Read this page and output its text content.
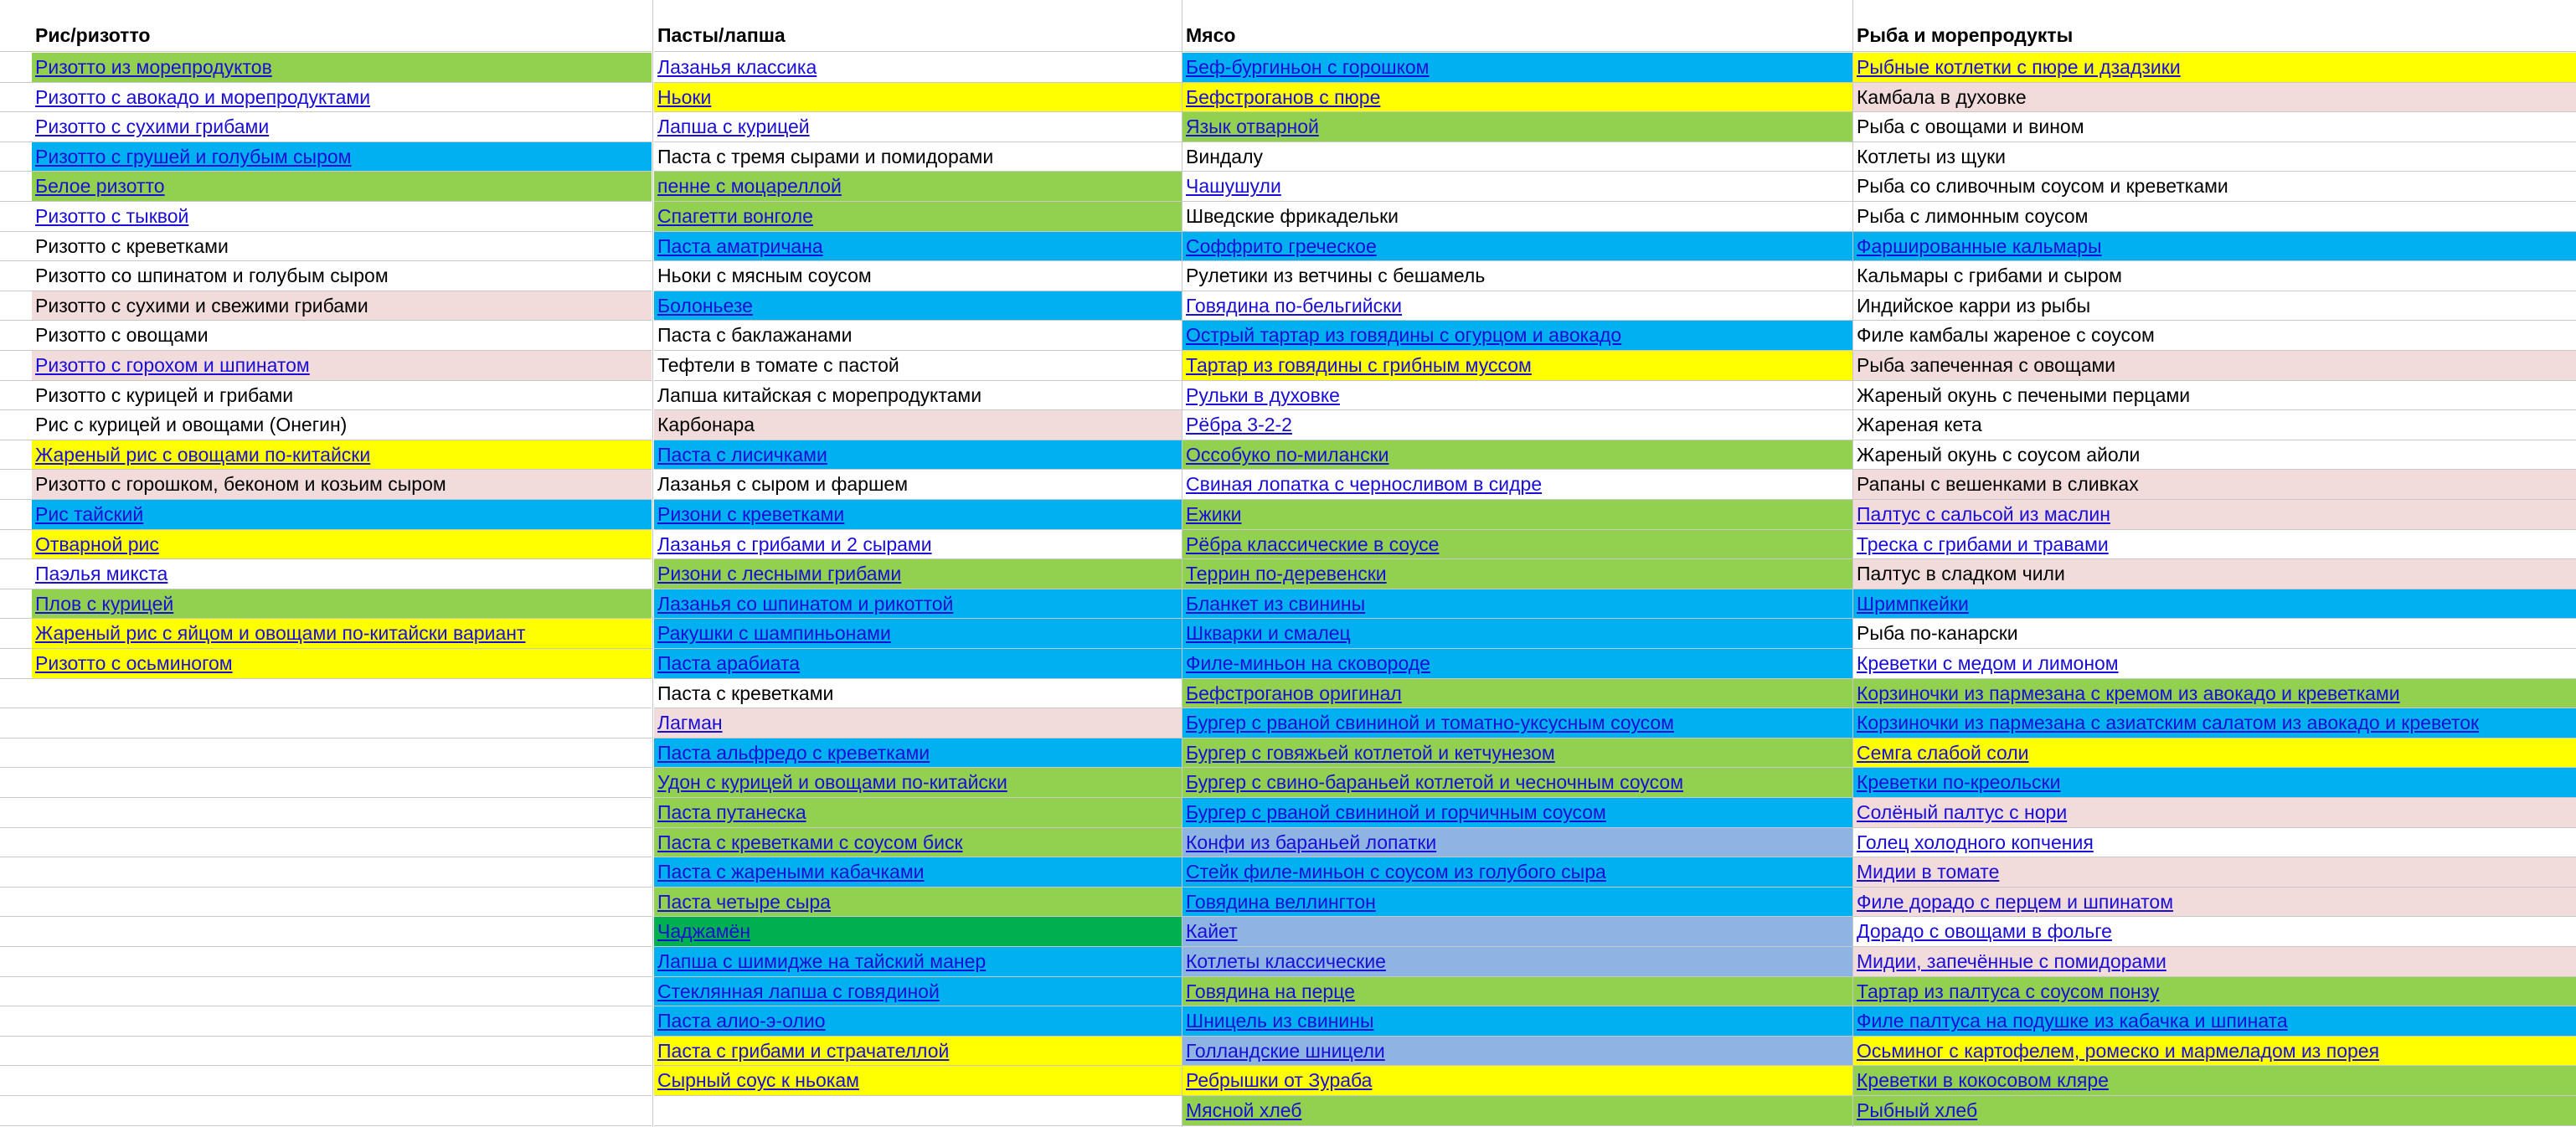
Рис/ризотто
Ризотто из морепродуктов
Ризотто с авокадо и морепродуктами
Ризотто с сухими грибами
Ризотто с грушей и голубым сыром
Белое ризотто
Ризотто с тыквой
Ризотто с креветками
Ризотто со шпинатом и голубым сыром
Ризотто с сухими и свежими грибами
Ризотто с овощами
Ризотто с горохом и шпинатом
Ризотто с курицей и грибами
Рис с курицей и овощами (Онегин)
Жареный рис с овощами по-китайски
Ризотто с горошком, беконом и козьим сыром
Рис тайский
Отварной рис
Паэлья микста
Плов с курицей
Жареный рис с яйцом и овощами по-китайски вариант
Ризотто с осьминогом
Пасты/лапша
Лазанья классика
Ньоки
Лапша с курицей
Паста с тремя сырами и помидорами
пенне с моцареллой
Спагетти вонголе
Паста аматричана
Ньоки с мясным соусом
Болоньезе
Паста с баклажанами
Тефтели в томате с пастой
Лапша китайская с морепродуктами
Карбонара
Паста с лисичками
Лазанья с сыром и фаршем
Ризони с креветками
Лазанья с грибами и 2 сырами
Ризони с лесными грибами
Лазанья со шпинатом и рикоттой
Ракушки с шампиньонами
Паста арабиата
Паста с креветками
Лагман
Паста альфредо с креветками
Удон с курицей и овощами по-китайски
Паста путанеска
Паста с креветками с соусом биск
Паста с жареными кабачками
Паста четыре сыра
Чаджамён
Лапша с шимидже на тайский манер
Стеклянная лапша с говядиной
Паста алио-э-олио
Паста с грибами и страчателлой
Сырный соус к ньокам
Мясо
Беф-бургиньон с горошком
Бефстроганов с пюре
Язык отварной
Виндалу
Чашушули
Шведские фрикадельки
Соффрито греческое
Рулетики из ветчины с бешамель
Говядина по-бельгийски
Острый тартар из говядины с огурцом и авокадо
Тартар из говядины с грибным муссом
Рульки в духовке
Рёбра 3-2-2
Оссобуко по-милански
Свиная лопатка с черносливом в сидре
Ежики
Рёбра классические в соусе
Террин по-деревенски
Бланкет из свинины
Шкварки и смалец
Филе-миньон на сковороде
Бефстроганов оригинал
Бургер с рваной свининой и томатно-уксусным соусом
Бургер с говяжьей котлетой и кетчунезом
Бургер с свино-бараньей котлетой и чесночным соусом
Бургер с рваной свининой и горчичным соусом
Конфи из бараньей лопатки
Стейк филе-миньон с соусом из голубого сыра
Говядина веллингтон
Кайет
Котлеты классические
Говядина на перце
Шницель из свинины
Голландские шницели
Ребрышки от Зураба
Мясной хлеб
Рыба и морепродукты
Рыбные котлетки с пюре и дзадзики
Камбала в духовке
Рыба с овощами и вином
Котлеты из щуки
Рыба со сливочным соусом и креветками
Рыба с лимонным соусом
Фаршированные кальмары
Кальмары с грибами и сыром
Индийское карри из рыбы
Филе камбалы жареное с соусом
Рыба запеченная с овощами
Жареный окунь с печеными перцами
Жареная кета
Жареный окунь с соусом айоли
Рапаны с вешенками в сливках
Палтус с сальсой из маслин
Треска с грибами и травами
Палтус в сладком чили
Шримпкейки
Рыба по-канарски
Креветки с медом и лимоном
Корзиночки из пармезана с кремом из авокадо и креветками
Корзиночки из пармезана с азиатским салатом из авокадо и креветок
Семга слабой соли
Креветки по-креольски
Солёный палтус с нори
Голец холодного копчения
Мидии в томате
Филе дорадо с перцем и шпинатом
Дорадо с овощами в фольге
Мидии, запечённые с помидорами
Тартар из палтуса с соусом понзу
Филе палтуса на подушке из кабачка и шпината
Осьминог с картофелем, ромеско и мармеладом из порея
Креветки в кокосовом кляре
Рыбный хлеб
